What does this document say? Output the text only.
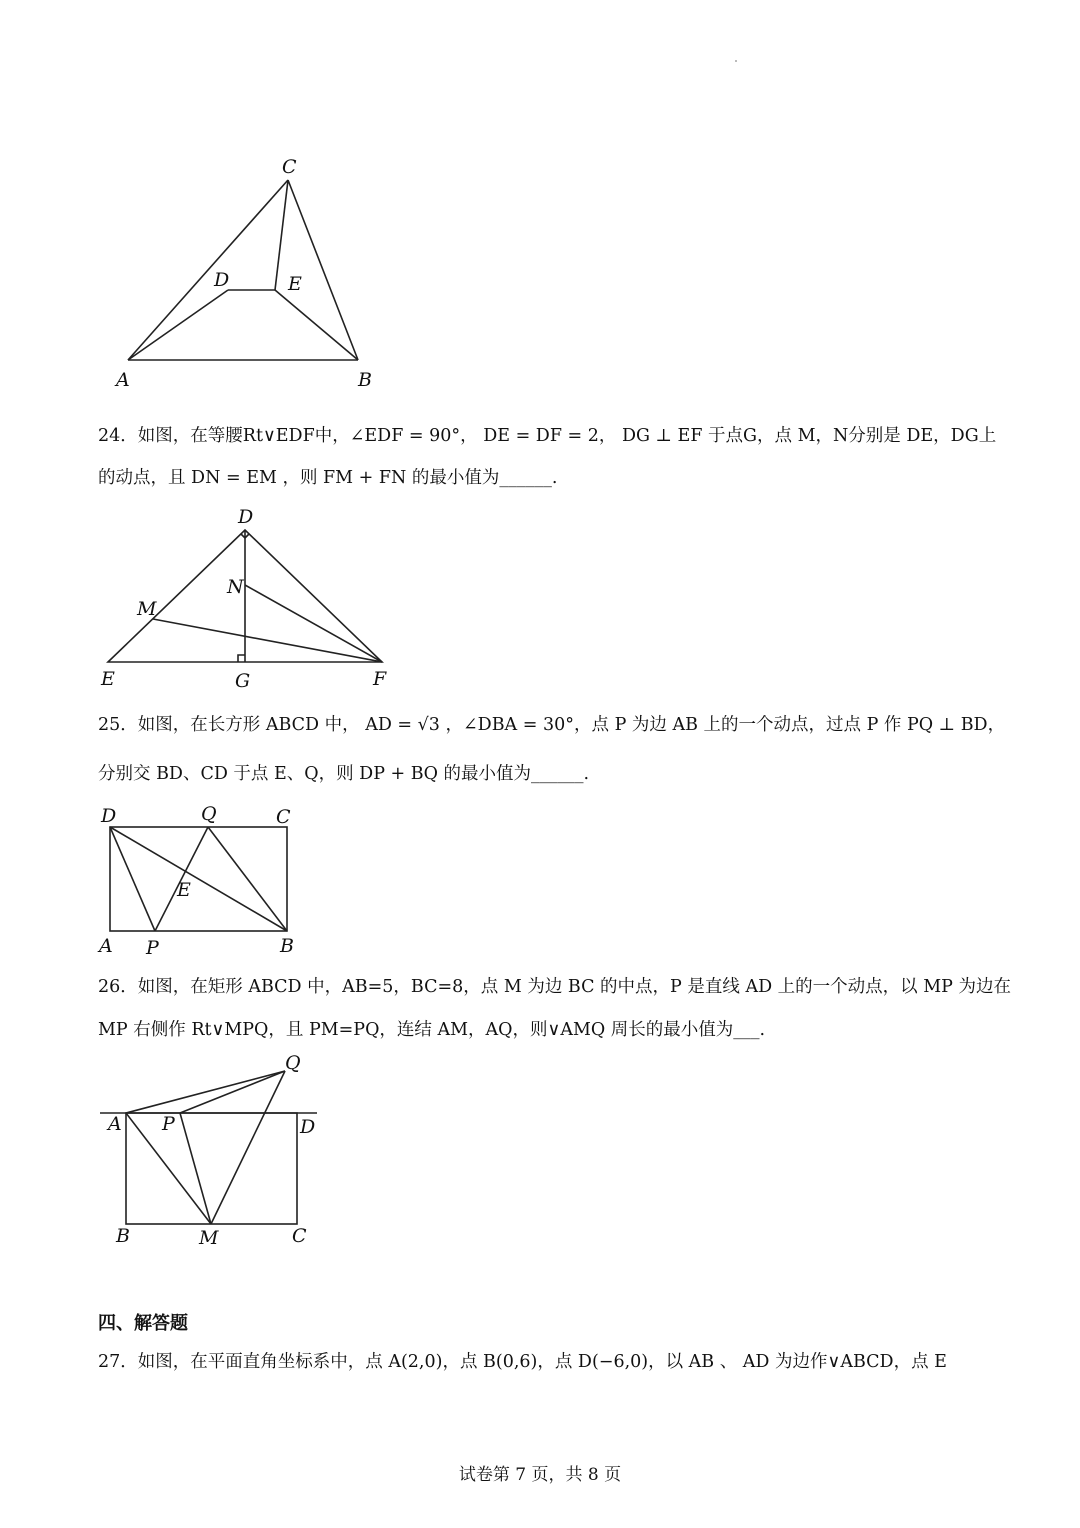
C
D	E
A	B
24．如图，在等腰Rt∨EDF中，∠EDF = 90°， DE = DF = 2， DG ⊥ EF 于点G，点 M，N分别是 DE，DG上
的动点，且 DN = EM ，则 FM + FN 的最小值为______.
D
N
M
E	G	F
25．如图，在长方形 ABCD 中， AD = √3 ，∠DBA = 30°，点 P 为边 AB 上的一个动点，过点 P 作 PQ ⊥ BD，
分别交 BD、CD 于点 E、Q，则 DP + BQ 的最小值为______.
D	Q	C
E
A P	B
26．如图，在矩形 ABCD 中，AB=5，BC=8，点 M 为边 BC 的中点，P 是直线 AD 上的一个动点，以 MP 为边在
MP 右侧作 Rt∨MPQ，且 PM=PQ，连结 AM，AQ，则∨AMQ 周长的最小值为___.
Q
A P	D
B	M	C
四、解答题
27．如图，在平面直角坐标系中，点 A(2,0)，点 B(0,6)，点 D(−6,0)，以 AB 、 AD 为边作∨ABCD，点 E
试卷第 7 页，共 8 页
